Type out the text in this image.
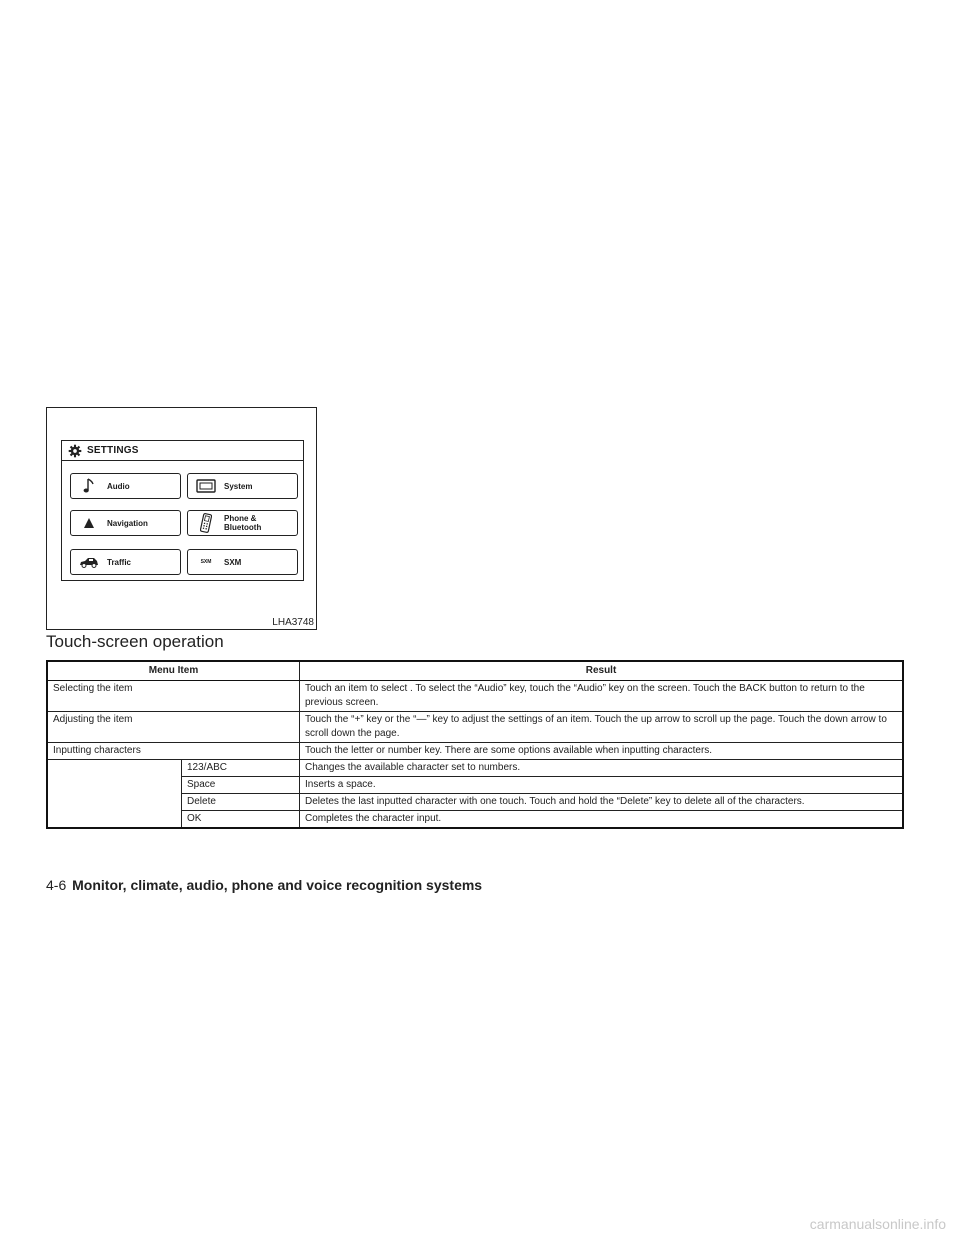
SETTINGS
Audio	System
Navigation	Phone &
Bluetooth
Traffic	SXM	SXM
LHA3748
Touch-screen operation
Menu Item		Result
Selecting the item		Touch an item to select . To select the “Audio” key, touch the “Audio” key on the screen. Touch the BACK button to return to the previous screen.
Adjusting the item		Touch the “+” key or the “—” key to adjust the settings of an item. Touch the up arrow to scroll up the page. Touch the down arrow to scroll down the page.
Inputting characters		Touch the letter or number key. There are some options available when inputting characters.
	123/ABC	Changes the available character set to numbers.
	Space	Inserts a space.
	Delete	Deletes the last inputted character with one touch. Touch and hold the “Delete” key to delete all of the characters.
	OK	Completes the character input.
4-6 Monitor, climate, audio, phone and voice recognition systems
carmanualsonline.info
